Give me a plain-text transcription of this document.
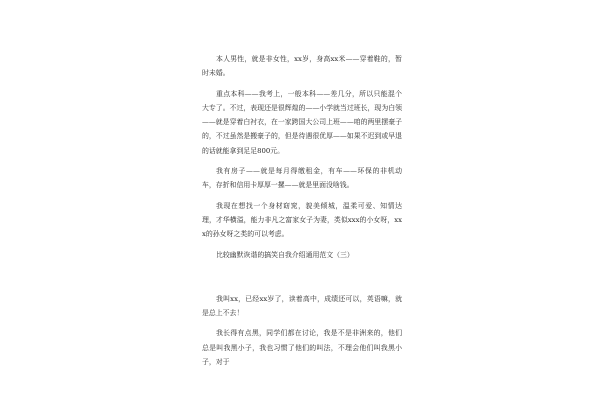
本人男性，就是非女性，xx岁，身高xx米——穿着鞋的，暂时未婚。

重点本科——我考上，一般本科——差几分，所以只能混个大专了。不过，表现还是很辉煌的——小学就当过班长，现为白领——就是穿着白衬衣，在一家跨国大公司上班——咱的两里摆豪子的，不过虽然是搬豪子的，但是待遇很优厚——如果不迟到或早退的话就能拿到足足800元。

我有房子——就是每月得缴租金，有车——环保的非机动车，存折和信用卡厚厚一摞——就是里面没啥钱。

我现在想找一个身材窈窕，貌美倾城，温柔可爱、知情达理，才华横溢，能力非凡之富家女子为妻，类似xxx的小女呀，xxx的孙女呀之类的可以考虑。

比较幽默诙谐的搞笑自我介绍通用范文（三）

我叫xx，已经xx岁了，读着高中，成绩还可以，英语嘛，就是总上不去！

我长得有点黑，同学们都在讨论，我是不是非洲来的，他们总是叫我黑小子，我也习惯了他们的叫法，不理会他们叫我黑小子，对于
